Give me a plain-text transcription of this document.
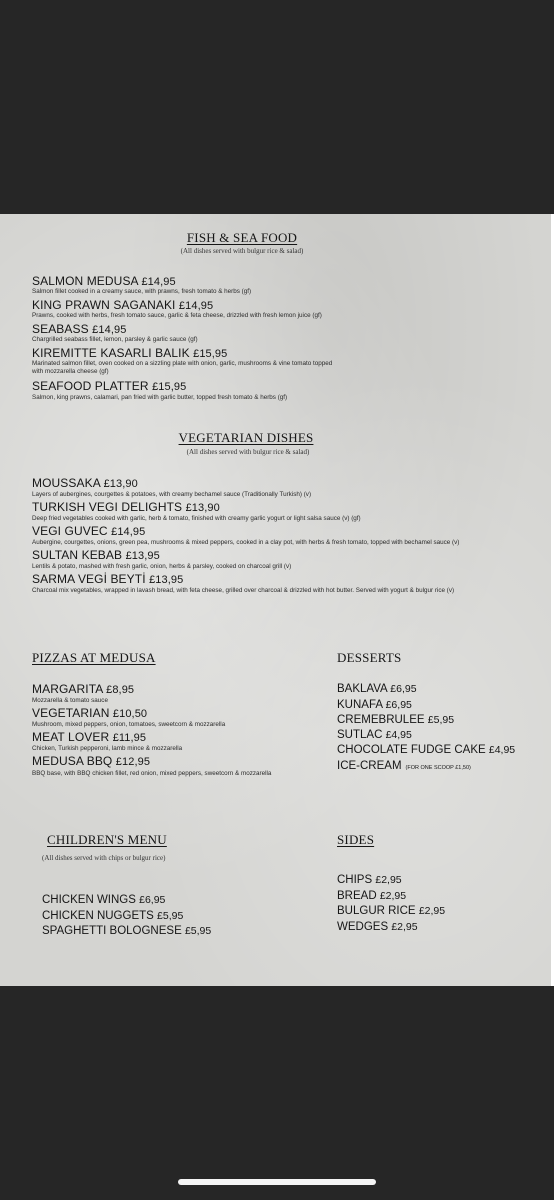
FISH & SEA FOOD
(All dishes served with bulgur rice & salad)
SALMON MEDUSA £14,95
Salmon fillet cooked in a creamy sauce, with prawns, fresh tomato & herbs (gf)
KING PRAWN SAGANAKI £14,95
Prawns, cooked with herbs, fresh tomato sauce, garlic & feta cheese, drizzled with fresh lemon juice (gf)
SEABASS £14,95
Chargrilled seabass fillet, lemon, parsley & garlic sauce (gf)
KIREMITTE KASARLI BALIK £15,95
Marinated salmon fillet, oven cooked on a sizzling plate with onion, garlic, mushrooms & vine tomato topped
with mozzarella cheese (gf)
SEAFOOD PLATTER £15,95
Salmon, king prawns, calamari, pan fried with garlic butter, topped fresh tomato & herbs (gf)
VEGETARIAN DISHES
(All dishes served with bulgur rice & salad)
MOUSSAKA £13,90
Layers of aubergines, courgettes & potatoes, with creamy bechamel sauce (Traditionally Turkish) (v)
TURKISH VEGI DELIGHTS £13,90
Deep fried vegetables cooked with garlic, herb & tomato, finished with creamy garlic yogurt or light salsa sauce (v) (gf)
VEGI GUVEC £14,95
Aubergine, courgettes, onions, green pea, mushrooms & mixed peppers, cooked in a clay pot, with herbs & fresh tomato, topped with bechamel sauce (v)
SULTAN KEBAB £13,95
Lentils & potato, mashed with fresh garlic, onion, herbs & parsley, cooked on charcoal grill (v)
SARMA VEGİ BEYTİ £13,95
Charcoal mix vegetables, wrapped in lavash bread, with feta cheese, grilled over charcoal & drizzled with hot butter. Served with yogurt & bulgur rice (v)
PIZZAS AT MEDUSA
MARGARITA £8,95
Mozzarella & tomato sauce
VEGETARIAN £10,50
Mushroom, mixed peppers, onion, tomatoes, sweetcorn & mozzarella
MEAT LOVER £11,95
Chicken, Turkish pepperoni, lamb mince & mozzarella
MEDUSA BBQ £12,95
BBQ base, with BBQ chicken fillet, red onion, mixed peppers, sweetcorn & mozzarella
DESSERTS
BAKLAVA £6,95
KUNAFA £6,95
CREMEBRULEE £5,95
SUTLAC £4,95
CHOCOLATE FUDGE CAKE £4,95
ICE-CREAM (FOR ONE SCOOP £1,50)
CHILDREN'S MENU
(All dishes served with chips or bulgur rice)
CHICKEN WINGS £6,95
CHICKEN NUGGETS £5,95
SPAGHETTI BOLOGNESE £5,95
SIDES
CHIPS £2,95
BREAD £2,95
BULGUR RICE £2,95
WEDGES £2,95
